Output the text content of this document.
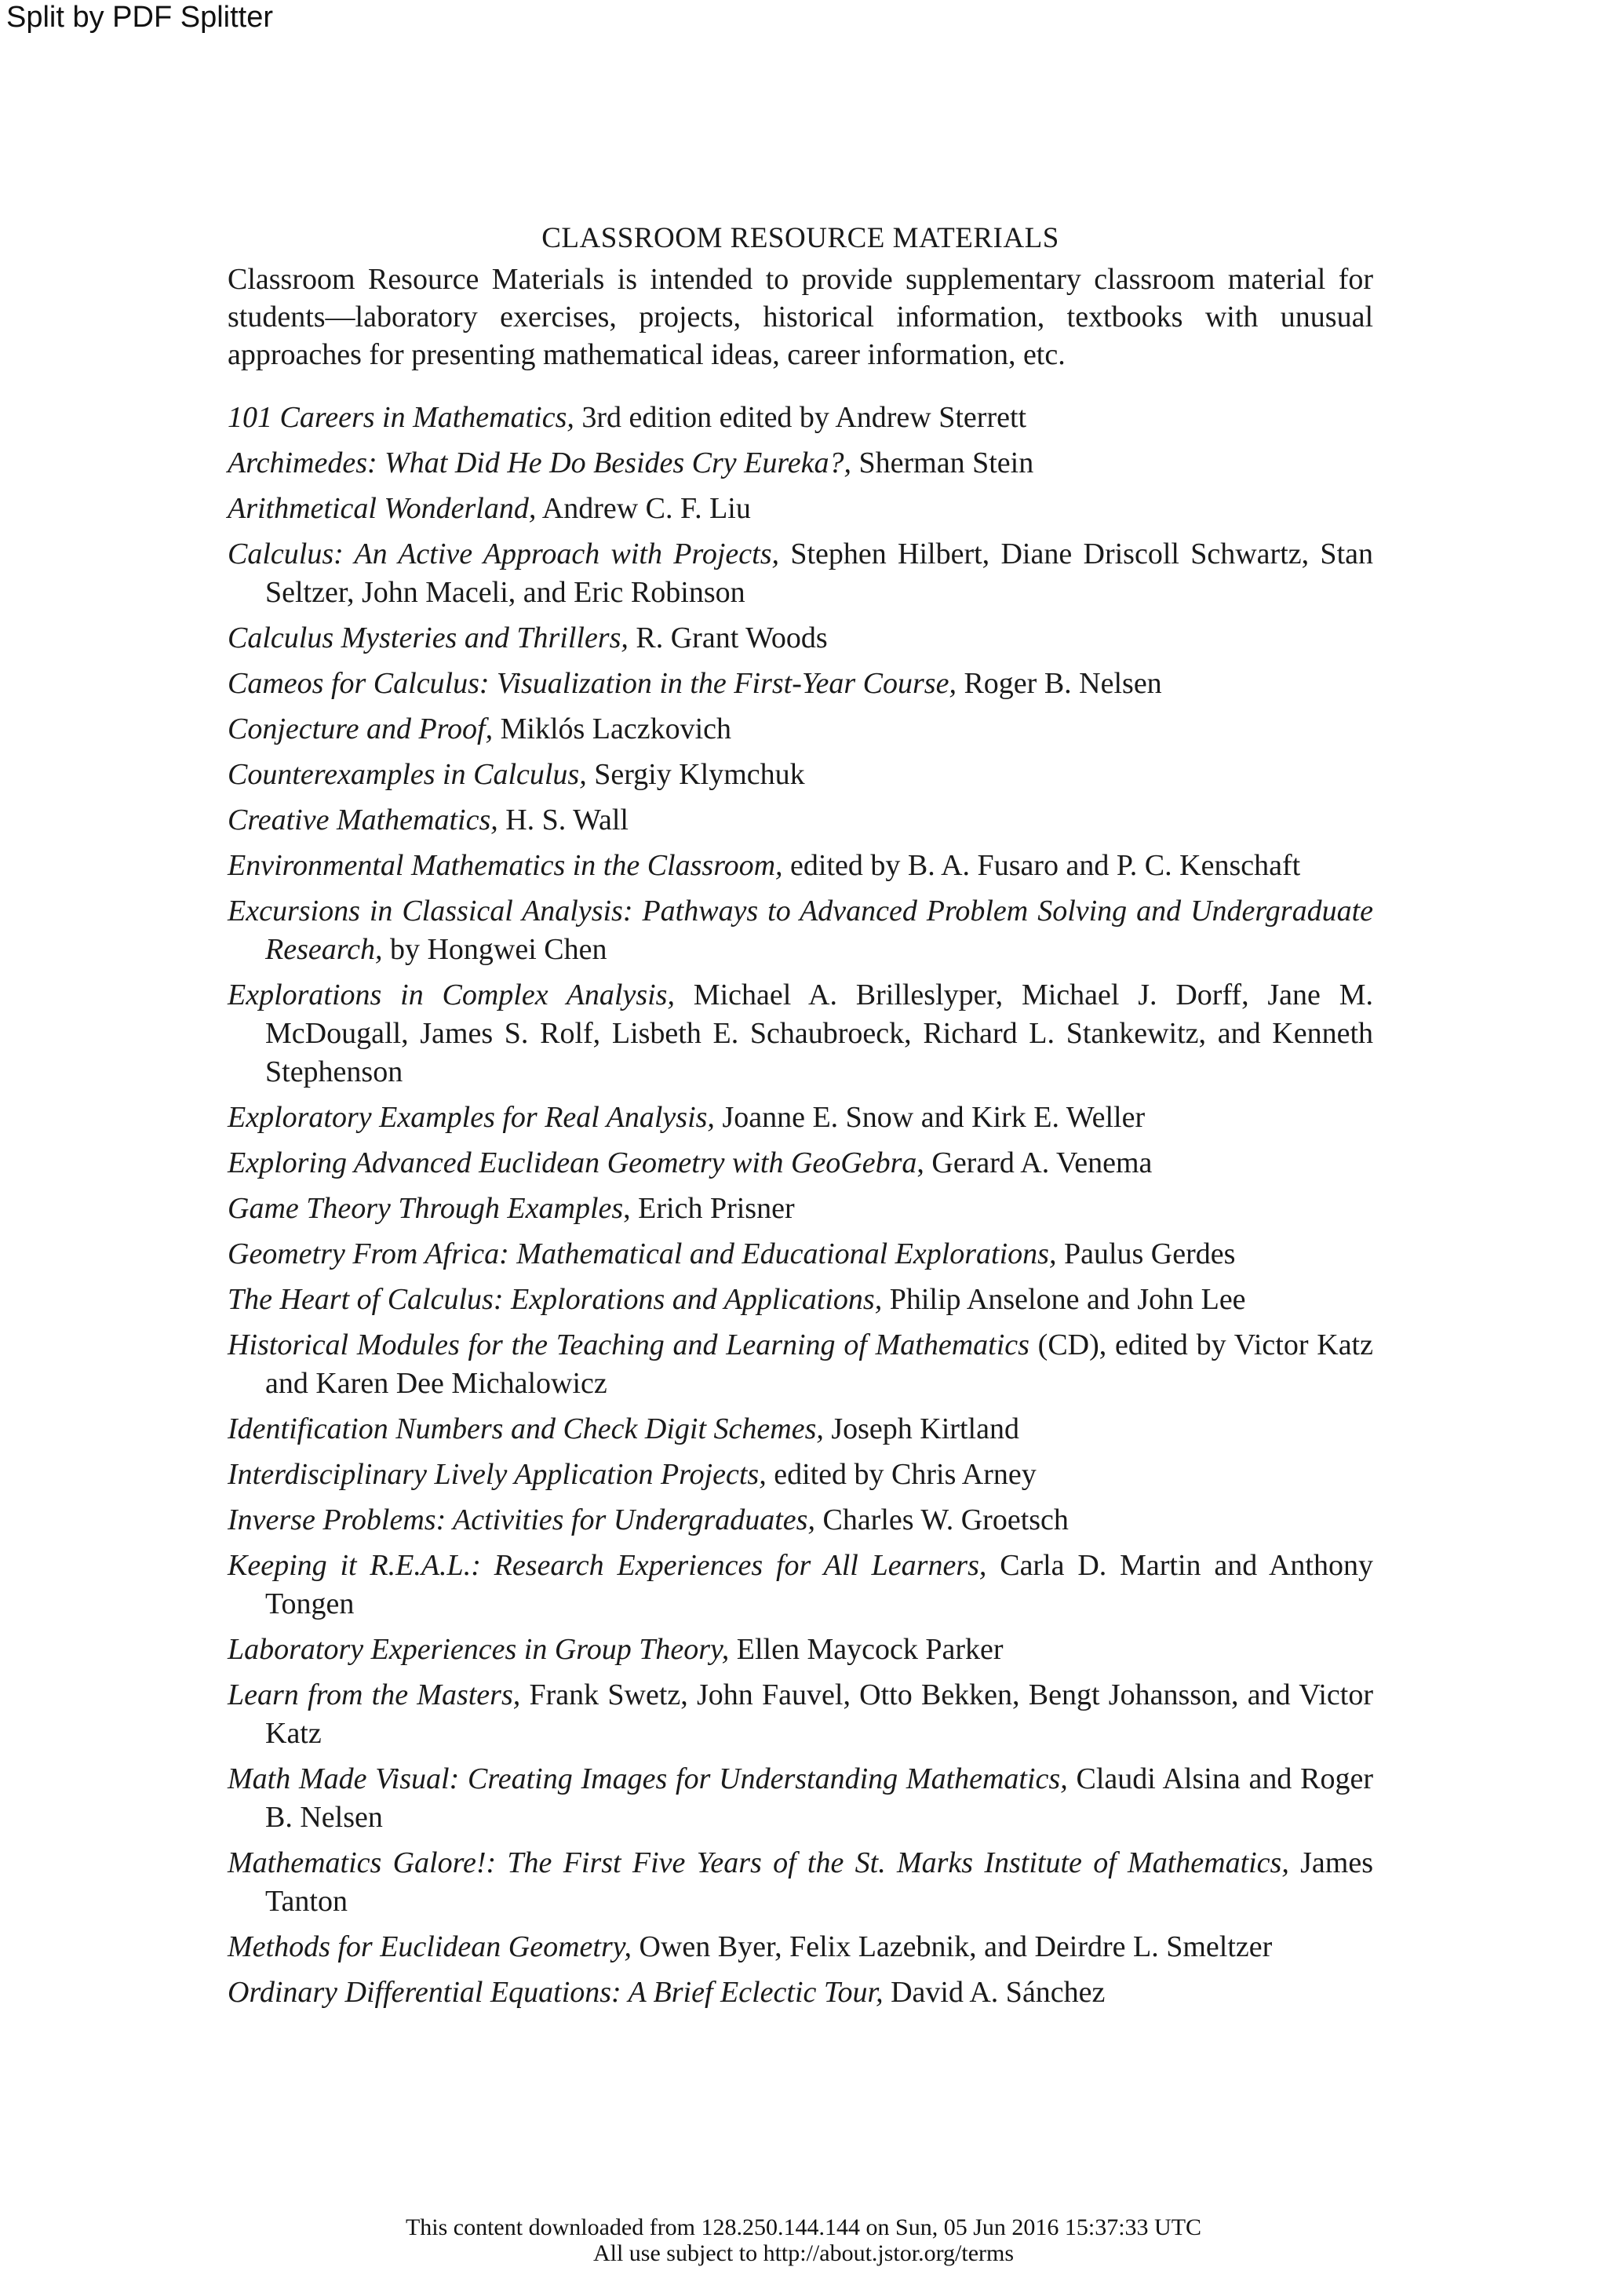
Split by PDF Splitter

CLASSROOM RESOURCE MATERIALS

Classroom Resource Materials is intended to provide supplementary classroom material for students—laboratory exercises, projects, historical information, textbooks with unusual approaches for presenting mathematical ideas, career information, etc.

101 Careers in Mathematics, 3rd edition edited by Andrew Sterrett

Archimedes: What Did He Do Besides Cry Eureka?, Sherman Stein

Arithmetical Wonderland, Andrew C. F. Liu

Calculus: An Active Approach with Projects, Stephen Hilbert, Diane Driscoll Schwartz, Stan Seltzer, John Maceli, and Eric Robinson

Calculus Mysteries and Thrillers, R. Grant Woods

Cameos for Calculus: Visualization in the First-Year Course, Roger B. Nelsen

Conjecture and Proof, Miklós Laczkovich

Counterexamples in Calculus, Sergiy Klymchuk

Creative Mathematics, H. S. Wall

Environmental Mathematics in the Classroom, edited by B. A. Fusaro and P. C. Kenschaft

Excursions in Classical Analysis: Pathways to Advanced Problem Solving and Undergraduate Research, by Hongwei Chen

Explorations in Complex Analysis, Michael A. Brilleslyper, Michael J. Dorff, Jane M. McDougall, James S. Rolf, Lisbeth E. Schaubroeck, Richard L. Stankewitz, and Kenneth Stephenson

Exploratory Examples for Real Analysis, Joanne E. Snow and Kirk E. Weller

Exploring Advanced Euclidean Geometry with GeoGebra, Gerard A. Venema

Game Theory Through Examples, Erich Prisner

Geometry From Africa: Mathematical and Educational Explorations, Paulus Gerdes

The Heart of Calculus: Explorations and Applications, Philip Anselone and John Lee

Historical Modules for the Teaching and Learning of Mathematics (CD), edited by Victor Katz and Karen Dee Michalowicz

Identification Numbers and Check Digit Schemes, Joseph Kirtland

Interdisciplinary Lively Application Projects, edited by Chris Arney

Inverse Problems: Activities for Undergraduates, Charles W. Groetsch

Keeping it R.E.A.L.: Research Experiences for All Learners, Carla D. Martin and Anthony Tongen

Laboratory Experiences in Group Theory, Ellen Maycock Parker

Learn from the Masters, Frank Swetz, John Fauvel, Otto Bekken, Bengt Johansson, and Victor Katz

Math Made Visual: Creating Images for Understanding Mathematics, Claudi Alsina and Roger B. Nelsen

Mathematics Galore!: The First Five Years of the St. Marks Institute of Mathematics, James Tanton

Methods for Euclidean Geometry, Owen Byer, Felix Lazebnik, and Deirdre L. Smeltzer

Ordinary Differential Equations: A Brief Eclectic Tour, David A. Sánchez

This content downloaded from 128.250.144.144 on Sun, 05 Jun 2016 15:37:33 UTC
All use subject to http://about.jstor.org/terms
